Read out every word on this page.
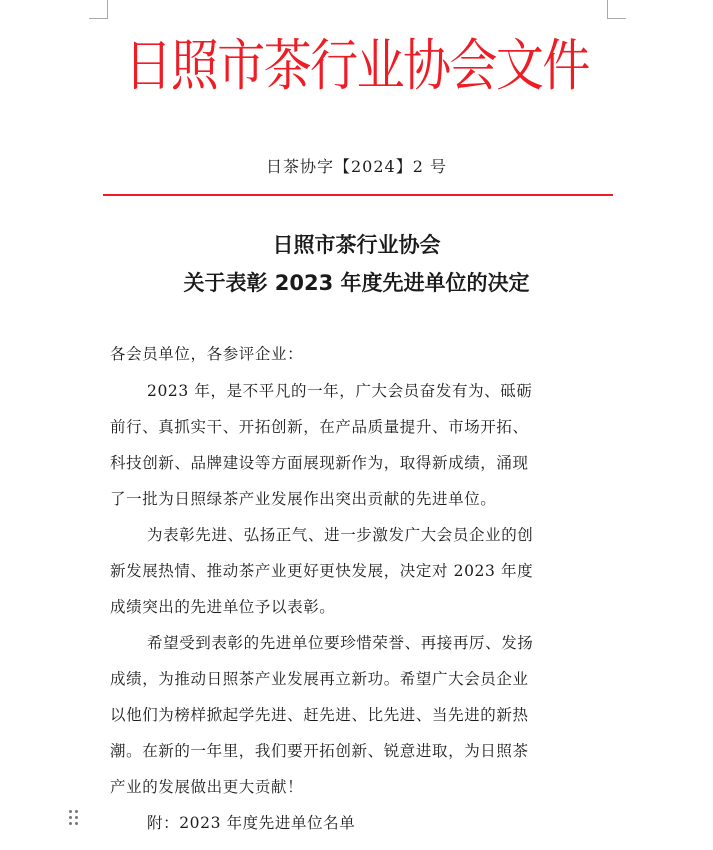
日照市茶行业协会文件
日茶协字【2024】2 号
日照市茶行业协会
关于表彰 2023 年度先进单位的决定
各会员单位，各参评企业：
2023 年，是不平凡的一年，广大会员奋发有为、砥砺
前行、真抓实干、开拓创新，在产品质量提升、市场开拓、
科技创新、品牌建设等方面展现新作为，取得新成绩，涌现
了一批为日照绿茶产业发展作出突出贡献的先进单位。
为表彰先进、弘扬正气、进一步激发广大会员企业的创
新发展热情、推动茶产业更好更快发展，决定对 2023 年度
成绩突出的先进单位予以表彰。
希望受到表彰的先进单位要珍惜荣誉、再接再厉、发扬
成绩，为推动日照茶产业发展再立新功。希望广大会员企业
以他们为榜样掀起学先进、赶先进、比先进、当先进的新热
潮。在新的一年里，我们要开拓创新、锐意进取，为日照茶
产业的发展做出更大贡献！
附：2023 年度先进单位名单
